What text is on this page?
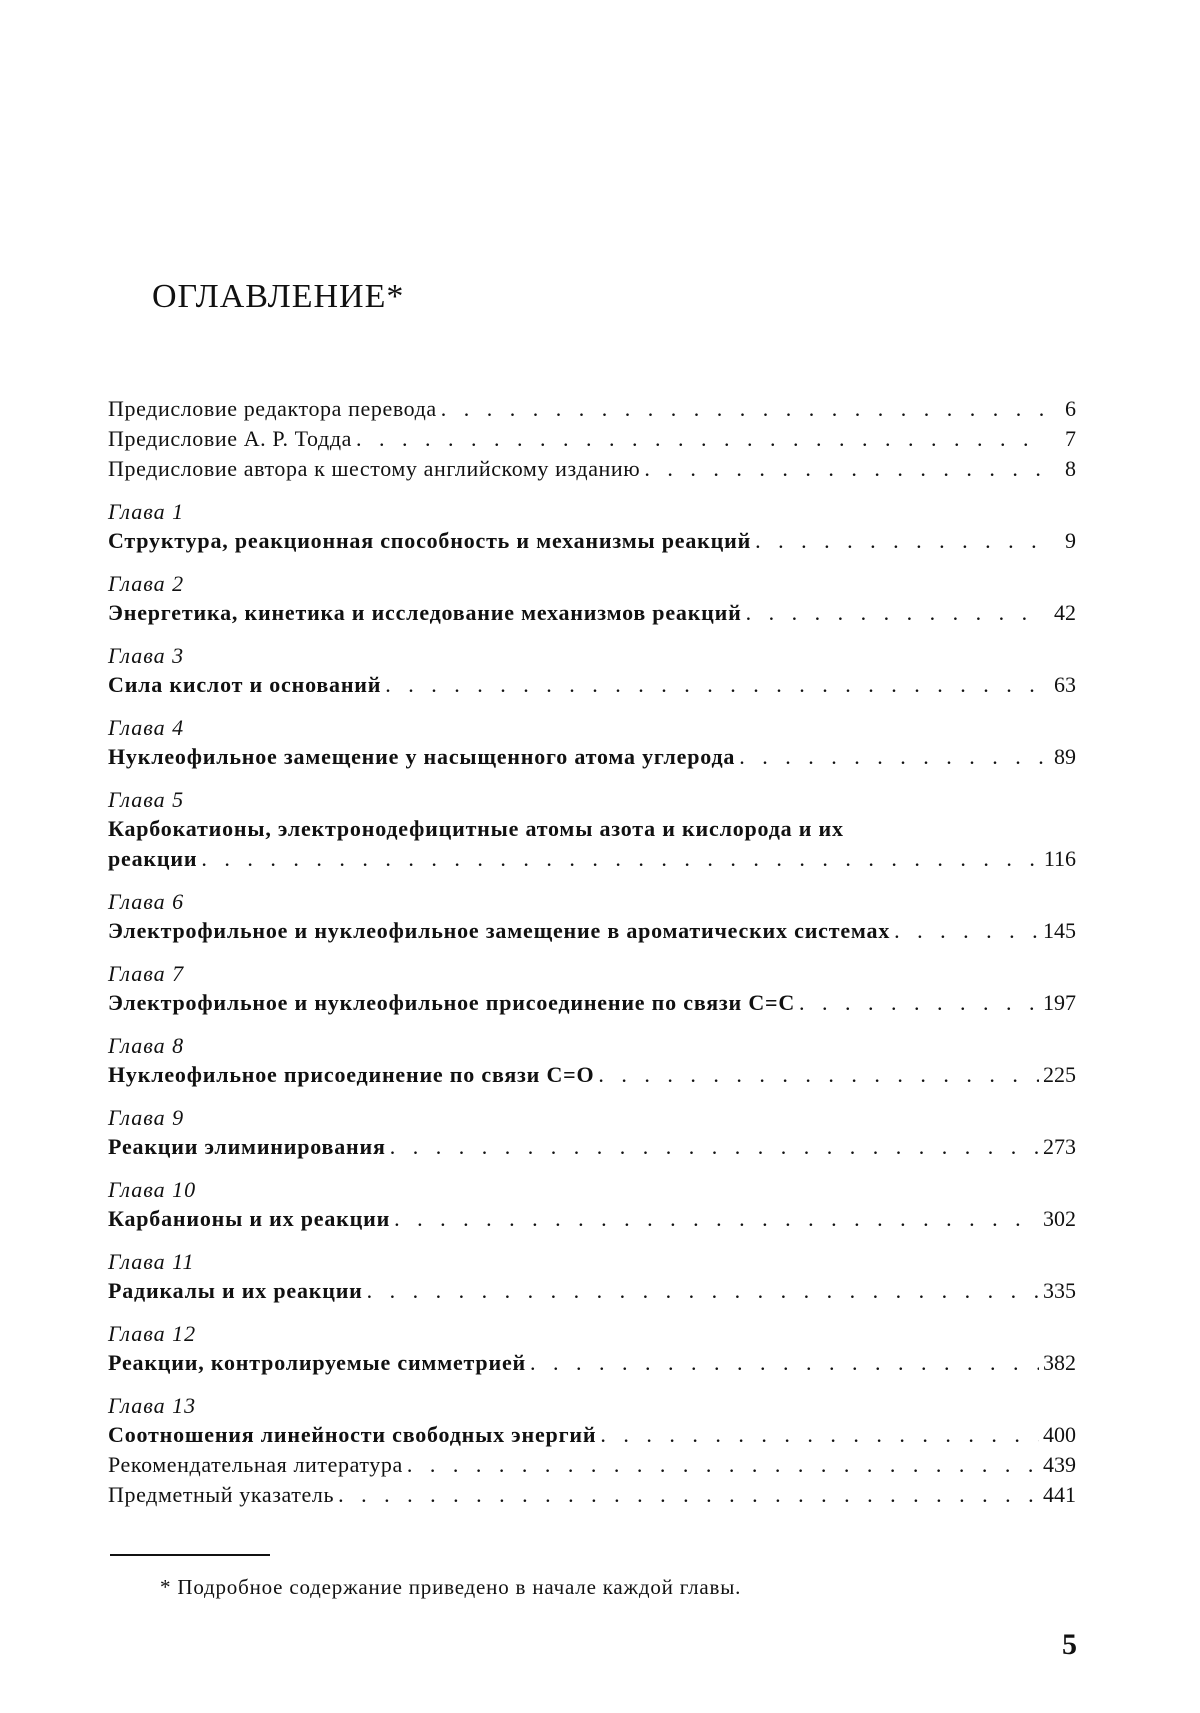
ОГЛАВЛЕНИЕ*
Предисловие редактора перевода . . .	6
Предисловие А. Р. Тодда . . .	7
Предисловие автора к шестому английскому изданию . . .	8
Глава 1
Структура, реакционная способность и механизмы реакций . . .	9
Глава 2
Энергетика, кинетика и исследование механизмов реакций . . .	42
Глава 3
Сила кислот и оснований . . .	63
Глава 4
Нуклеофильное замещение у насыщенного атома углерода . . .	89
Глава 5
Карбокатионы, электронодефицитные атомы азота и кислорода и их
реакции . . .	116
Глава 6
Электрофильное и нуклеофильное замещение в ароматических системах . . .	145
Глава 7
Электрофильное и нуклеофильное присоединение по связи C=C . . .	197
Глава 8
Нуклеофильное присоединение по связи C=O . . .	225
Глава 9
Реакции элиминирования . . .	273
Глава 10
Карбанионы и их реакции . . .	302
Глава 11
Радикалы и их реакции . . .	335
Глава 12
Реакции, контролируемые симметрией . . .	382
Глава 13
Соотношения линейности свободных энергий . . .	400
Рекомендательная литература . . .	439
Предметный указатель . . .	441
* Подробное содержание приведено в начале каждой главы.
5
